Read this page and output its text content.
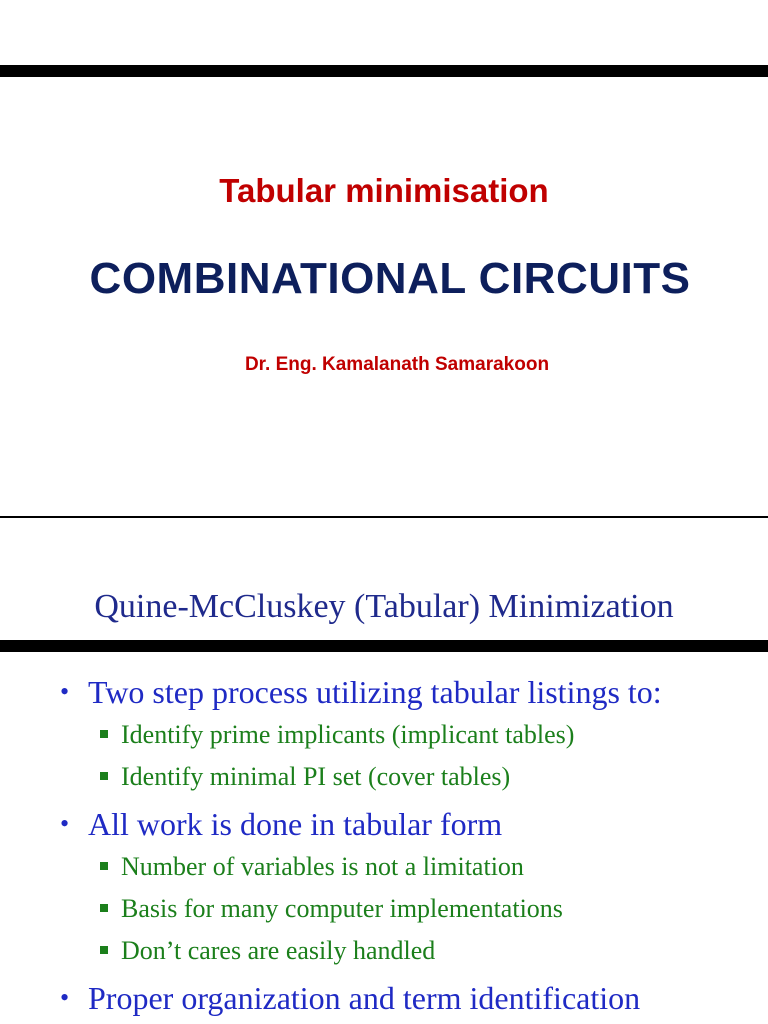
Tabular minimisation
COMBINATIONAL CIRCUITS
Dr. Eng. Kamalanath Samarakoon
Quine-McCluskey (Tabular) Minimization
• Two step process utilizing tabular listings to:
Identify prime implicants (implicant tables)
Identify minimal PI set (cover tables)
• All work is done in tabular form
Number of variables is not a limitation
Basis for many computer implementations
Don’t cares are easily handled
• Proper organization and term identification
